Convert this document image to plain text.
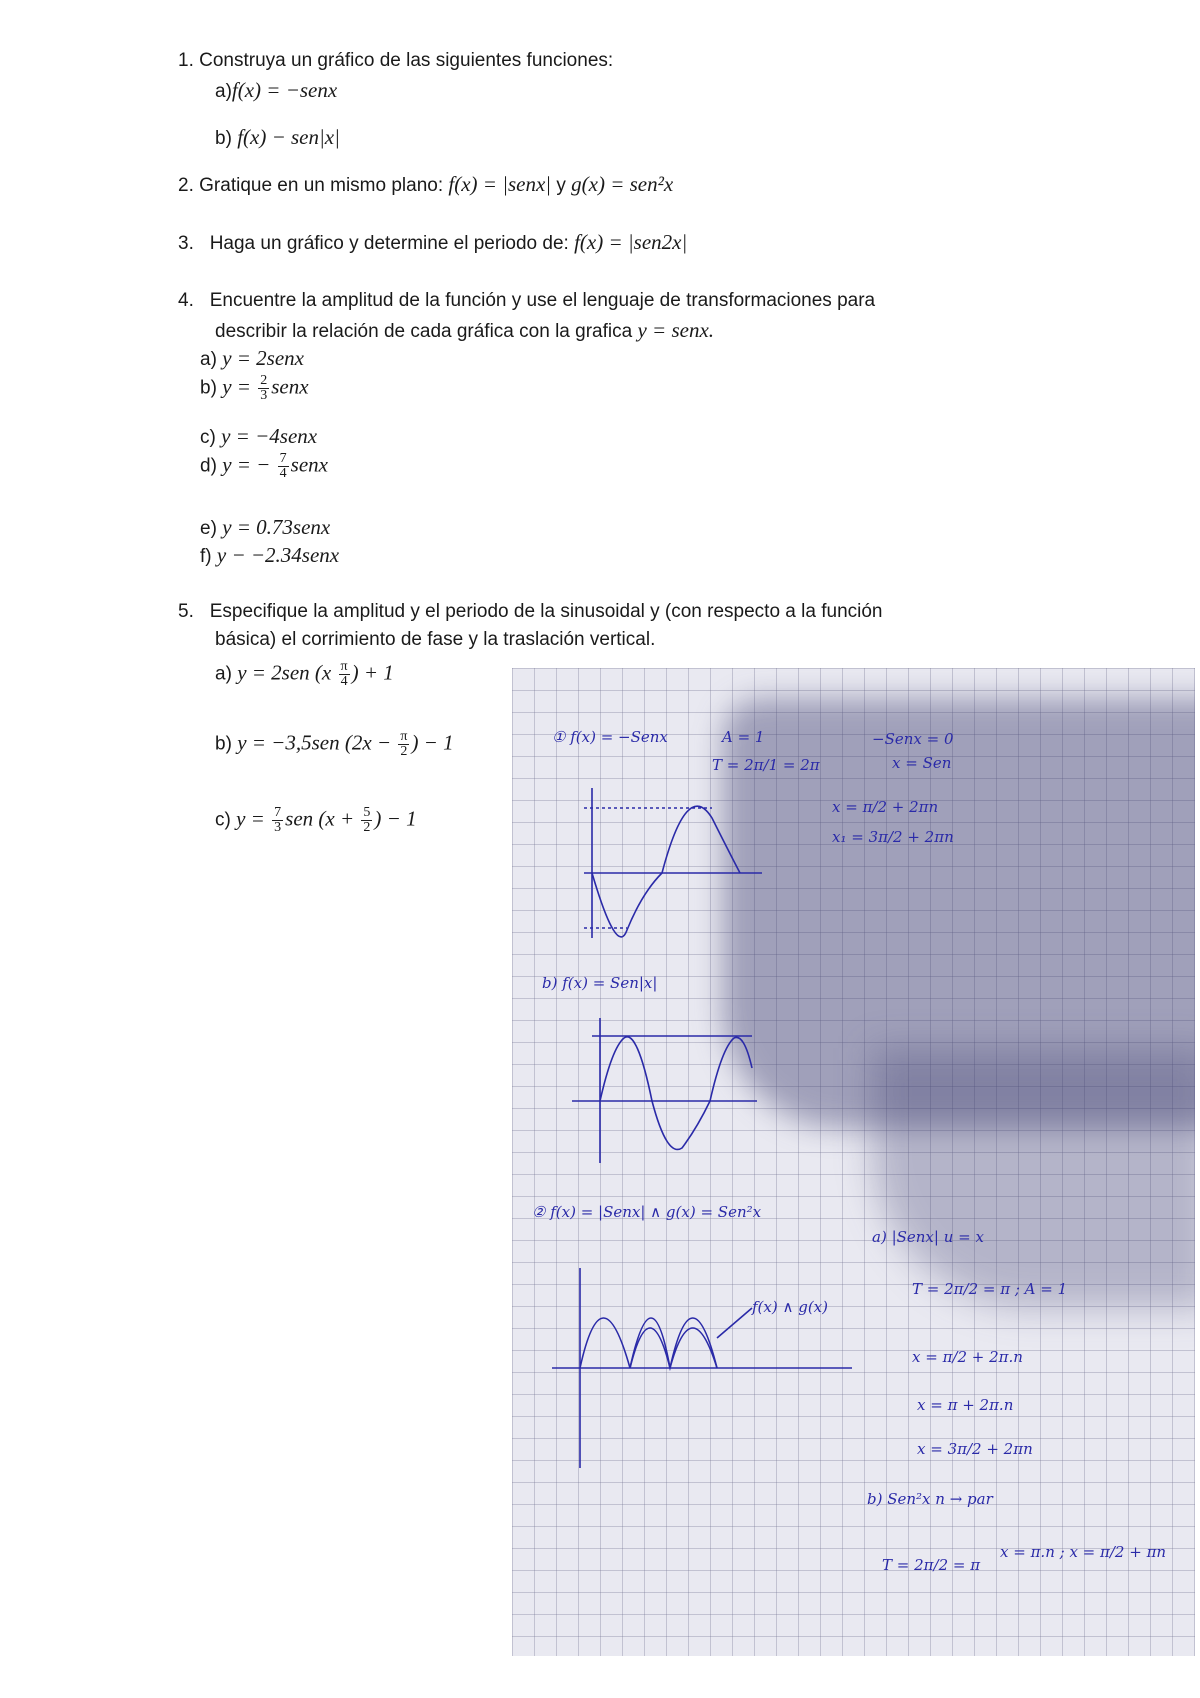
1. Construya un gráfico de las siguientes funciones:
a)f(x) = −senx
b) f(x) − sen|x|
2. Gratique en un mismo plano: f(x) = |senx| y g(x) = sen²x
3. Haga un gráfico y determine el periodo de: f(x) = |sen2x|
4. Encuentre la amplitud de la función y use el lenguaje de transformaciones para
describir la relación de cada gráfica con la grafica y = senx.
a) y = 2senx
b) $y = \frac{2}{3}$ senx
c) y = −4senx
d) y = − $\frac{7}{4}$ senx
e) y = 0.73senx
f) y − −2.34senx
5. Especifique la amplitud y el periodo de la sinusoidal y (con respecto a la función
básica) el corrimiento de fase y la traslación vertical.
a) y = 2sen ($x \frac{\pi}{4}$ ) + 1
b) y = −3,5sen ($2x - \frac{\pi}{2}$ ) − 1
c) $y = \frac{7}{3}$ sen ($x + \frac{5}{2}$ ) − 1
① f(x) = −Senx	A = 1
T = 2π/1 = 2π
−Senx = 0
x = Sen
x = π/2 + 2πn
x₁ = 3π/2 + 2πn
b) f(x) = Sen|x|
② f(x) = |Senx| ∧ g(x) = Sen²x
f(x) ∧ g(x)
a) |Senx| u = x
T = 2π/2 = π ; A = 1
x = π/2 + 2π.n
x = π + 2π.n
x = 3π/2 + 2πn
b) Sen²x n → par
T = 2π/2 = π
x = π.n ; x = π/2 + πn
